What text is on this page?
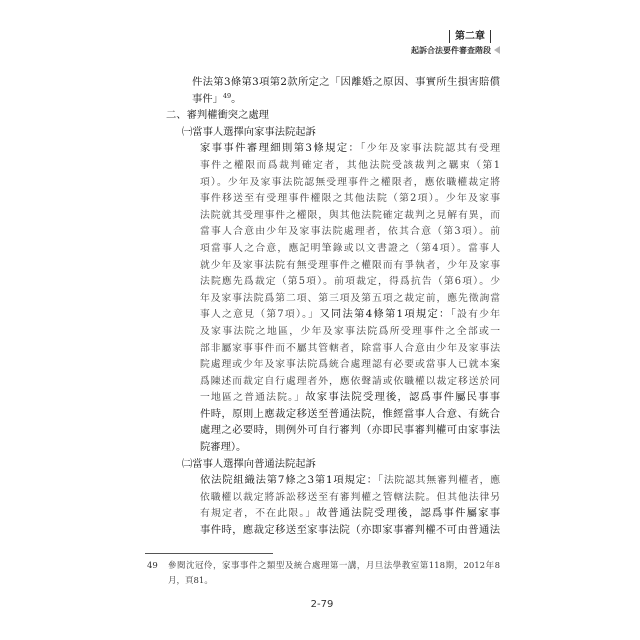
第二章
起訴合法要件審查階段
件法第3條第3項第2款所定之「因離婚之原因、事實所生損害賠償
事件」$^{49}$。
二、審判權衝突之處理
㈠當事人選擇向家事法院起訴
家事事件審理細則第3條規定：「少年及家事法院認其有受理
事件之權限而爲裁判確定者，其他法院受該裁判之羈束（第1
項）。少年及家事法院認無受理事件之權限者，應依職權裁定將
事件移送至有受理事件權限之其他法院（第2項）。少年及家事
法院就其受理事件之權限，與其他法院確定裁判之見解有異，而
當事人合意由少年及家事法院處理者，依其合意（第3項）。前
項當事人之合意，應記明筆錄或以文書證之（第4項）。當事人
就少年及家事法院有無受理事件之權限而有爭執者，少年及家事
法院應先爲裁定（第5項）。前項裁定，得爲抗告（第6項）。少
年及家事法院爲第二項、第三項及第五項之裁定前，應先徵詢當
事人之意見（第7項）。」又同法第4條第1項規定：「設有少年
及家事法院之地區，少年及家事法院爲所受理事件之全部或一
部非屬家事事件而不屬其管轄者，除當事人合意由少年及家事法
院處理或少年及家事法院爲統合處理認有必要或當事人已就本案
爲陳述而裁定自行處理者外，應依聲請或依職權以裁定移送於同
一地區之普通法院。」故家事法院受理後，認爲事件屬民事事
件時，原則上應裁定移送至普通法院，惟經當事人合意、有統合
處理之必要時，則例外可自行審判（亦即民事審判權可由家事法
院審理）。
㈡當事人選擇向普通法院起訴
依法院組織法第7條之3第1項規定：「法院認其無審判權者，應
依職權以裁定將訴訟移送至有審判權之管轄法院。但其他法律另
有規定者，不在此限。」故普通法院受理後，認爲事件屬家事
事件時，應裁定移送至家事法院（亦即家事審判權不可由普通法
49 參閱沈冠伶，家事事件之類型及統合處理第一講，月旦法學教室第118期，2012年8
月，頁81。
2-79
